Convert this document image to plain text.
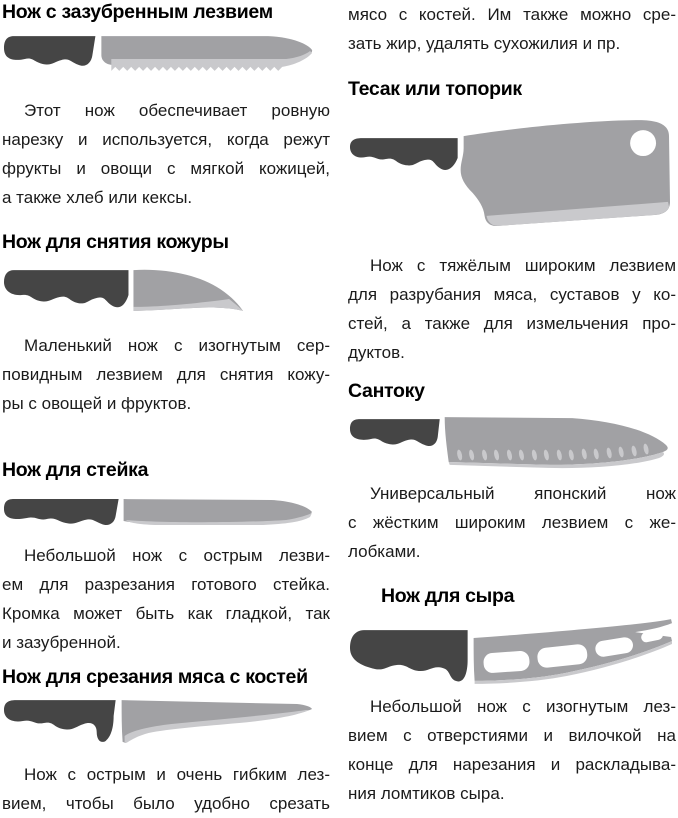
Нож с зазубренным лезвием
Этот нож обеспечивает ровную
нарезку и используется, когда режут
фрукты и овощи с мягкой кожицей,
а также хлеб или кексы.
Нож для снятия кожуры
Маленький нож с изогнутым сер-
повидным лезвием для снятия кожу-
ры с овощей и фруктов.
Нож для стейка
Небольшой нож с острым лезви-
ем для разрезания готового стейка.
Кромка может быть как гладкой, так
и зазубренной.
Нож для срезания мяса с костей
Нож с острым и очень гибким лез-
вием, чтобы было удобно срезать
мясо с костей. Им также можно сре-
зать жир, удалять сухожилия и пр.
Тесак или топорик
Нож с тяжёлым широким лезвием
для разрубания мяса, суставов у ко-
стей, а также для измельчения про-
дуктов.
Сантоку
Универсальный японский нож
с жёстким широким лезвием с же-
лобками.
Нож для сыра
Небольшой нож с изогнутым лез-
вием с отверстиями и вилочкой на
конце для нарезания и раскладыва-
ния ломтиков сыра.
